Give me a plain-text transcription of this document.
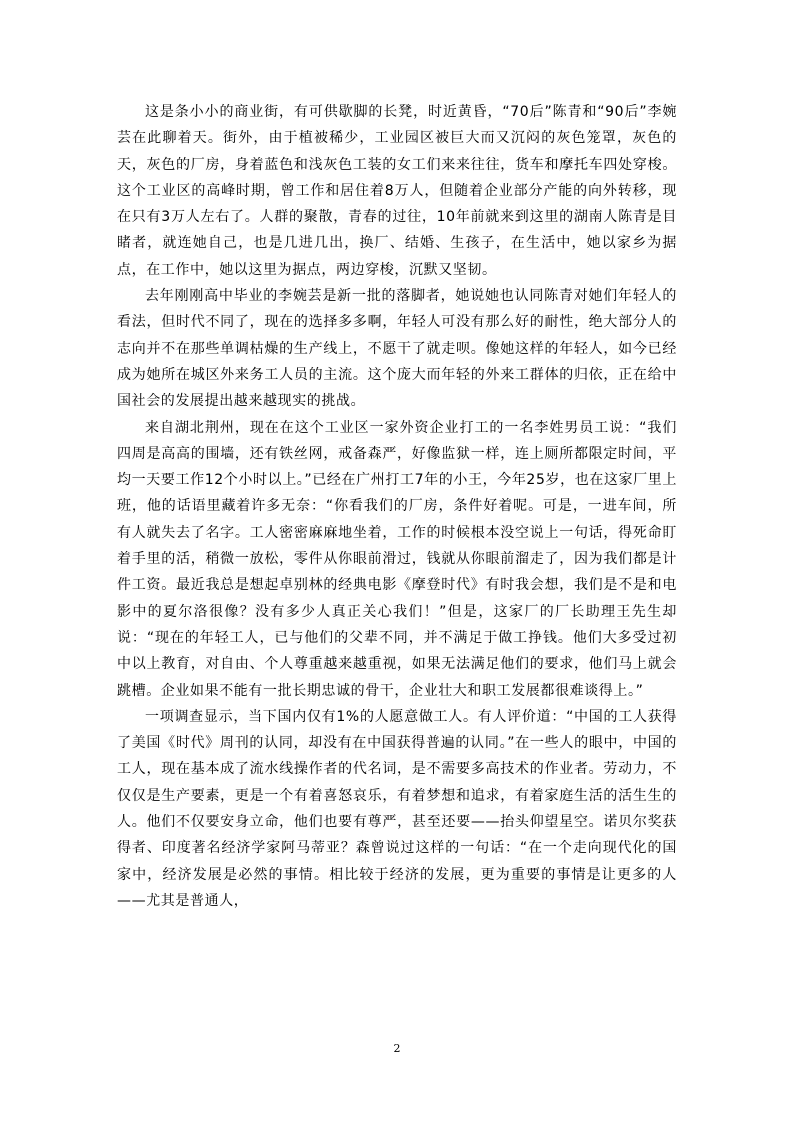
这是条小小的商业街，有可供歇脚的长凳，时近黄昏，“70后”陈青和“90后”李婉芸在此聊着天。街外，由于植被稀少，工业园区被巨大而又沉闷的灰色笼罩，灰色的天，灰色的厂房，身着蓝色和浅灰色工装的女工们来来往往，货车和摩托车四处穿梭。这个工业区的高峰时期，曾工作和居住着8万人，但随着企业部分产能的向外转移，现在只有3万人左右了。人群的聚散，青春的过往，10年前就来到这里的湖南人陈青是目睹者，就连她自己，也是几进几出，换厂、结婚、生孩子，在生活中，她以家乡为据点，在工作中，她以这里为据点，两边穿梭，沉默又坚韧。

去年刚刚高中毕业的李婉芸是新一批的落脚者，她说她也认同陈青对她们年轻人的看法，但时代不同了，现在的选择多多啊，年轻人可没有那么好的耐性，绝大部分人的志向并不在那些单调枯燥的生产线上，不愿干了就走呗。像她这样的年轻人，如今已经成为她所在城区外来务工人员的主流。这个庞大而年轻的外来工群体的归依，正在给中国社会的发展提出越来越现实的挑战。

来自湖北荆州，现在在这个工业区一家外资企业打工的一名李姓男员工说：“我们四周是高高的围墙，还有铁丝网，戒备森严，好像监狱一样，连上厕所都限定时间，平均一天要工作12个小时以上。”已经在广州打工7年的小王，今年25岁，也在这家厂里上班，他的话语里藏着许多无奈：“你看我们的厂房，条件好着呢。可是，一进车间，所有人就失去了名字。工人密密麻麻地坐着，工作的时候根本没空说上一句话，得死命盯着手里的活，稍微一放松，零件从你眼前滑过，钱就从你眼前溜走了，因为我们都是计件工资。最近我总是想起卓别林的经典电影《摩登时代》有时我会想，我们是不是和电影中的夏尔洛很像？没有多少人真正关心我们！”但是，这家厂的厂长助理王先生却说：“现在的年轻工人，已与他们的父辈不同，并不满足于做工挣钱。他们大多受过初中以上教育，对自由、个人尊重越来越重视，如果无法满足他们的要求，他们马上就会跳槽。企业如果不能有一批长期忠诚的骨干，企业壮大和职工发展都很难谈得上。”

一项调查显示，当下国内仅有1%的人愿意做工人。有人评价道：“中国的工人获得了美国《时代》周刊的认同，却没有在中国获得普遍的认同。”在一些人的眼中，中国的工人，现在基本成了流水线操作者的代名词，是不需要多高技术的作业者。劳动力，不仅仅是生产要素，更是一个有着喜怒哀乐，有着梦想和追求，有着家庭生活的活生生的人。他们不仅要安身立命，他们也要有尊严，甚至还要——抬头仰望星空。诺贝尔奖获得者、印度著名经济学家阿马蒂亚？森曾说过这样的一句话：“在一个走向现代化的国家中，经济发展是必然的事情。相比较于经济的发展，更为重要的事情是让更多的人——尤其是普通人，

2
